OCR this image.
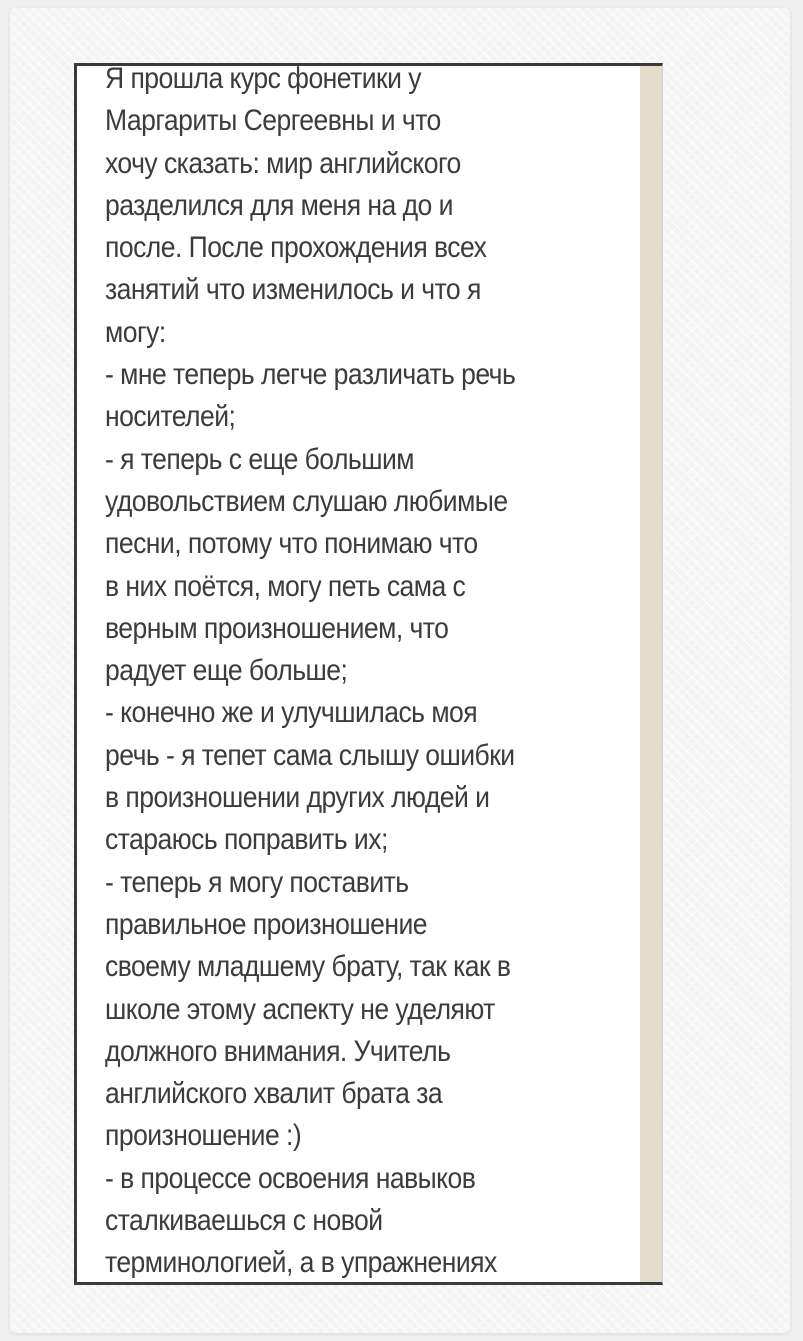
Я прошла курс фонетики у
Маргариты Сергеевны и что
хочу сказать: мир английского
разделился для меня на до и
после. После прохождения всех
занятий что изменилось и что я
могу:
- мне теперь легче различать речь
носителей;
- я теперь с еще большим
удовольствием слушаю любимые
песни, потому что понимаю что
в них поётся, могу петь сама с
верным произношением, что
радует еще больше;
- конечно же и улучшилась моя
речь - я тепет сама слышу ошибки
в произношении других людей и
стараюсь поправить их;
- теперь я могу поставить
правильное произношение
своему младшему брату, так как в
школе этому аспекту не уделяют
должного внимания. Учитель
английского хвалит брата за
произношение :)
- в процессе освоения навыков
сталкиваешься с новой
терминологией, а в упражнениях
